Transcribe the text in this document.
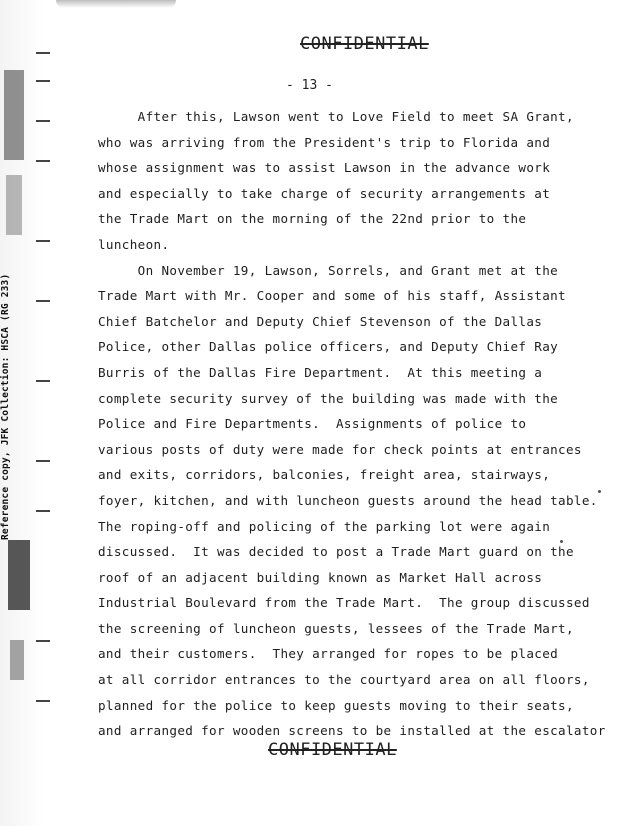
Reference copy, JFK Collection: HSCA (RG 233)
CONFIDENTIAL
- 13 -
After this, Lawson went to Love Field to meet SA Grant,
who was arriving from the President's trip to Florida and
whose assignment was to assist Lawson in the advance work
and especially to take charge of security arrangements at
the Trade Mart on the morning of the 22nd prior to the
luncheon.
On November 19, Lawson, Sorrels, and Grant met at the
Trade Mart with Mr. Cooper and some of his staff, Assistant
Chief Batchelor and Deputy Chief Stevenson of the Dallas
Police, other Dallas police officers, and Deputy Chief Ray
Burris of the Dallas Fire Department.  At this meeting a
complete security survey of the building was made with the
Police and Fire Departments.  Assignments of police to
various posts of duty were made for check points at entrances
and exits, corridors, balconies, freight area, stairways,
foyer, kitchen, and with luncheon guests around the head table.
The roping-off and policing of the parking lot were again
discussed.  It was decided to post a Trade Mart guard on the
roof of an adjacent building known as Market Hall across
Industrial Boulevard from the Trade Mart.  The group discussed
the screening of luncheon guests, lessees of the Trade Mart,
and their customers.  They arranged for ropes to be placed
at all corridor entrances to the courtyard area on all floors,
planned for the police to keep guests moving to their seats,
and arranged for wooden screens to be installed at the escalator
CONFIDENTIAL
